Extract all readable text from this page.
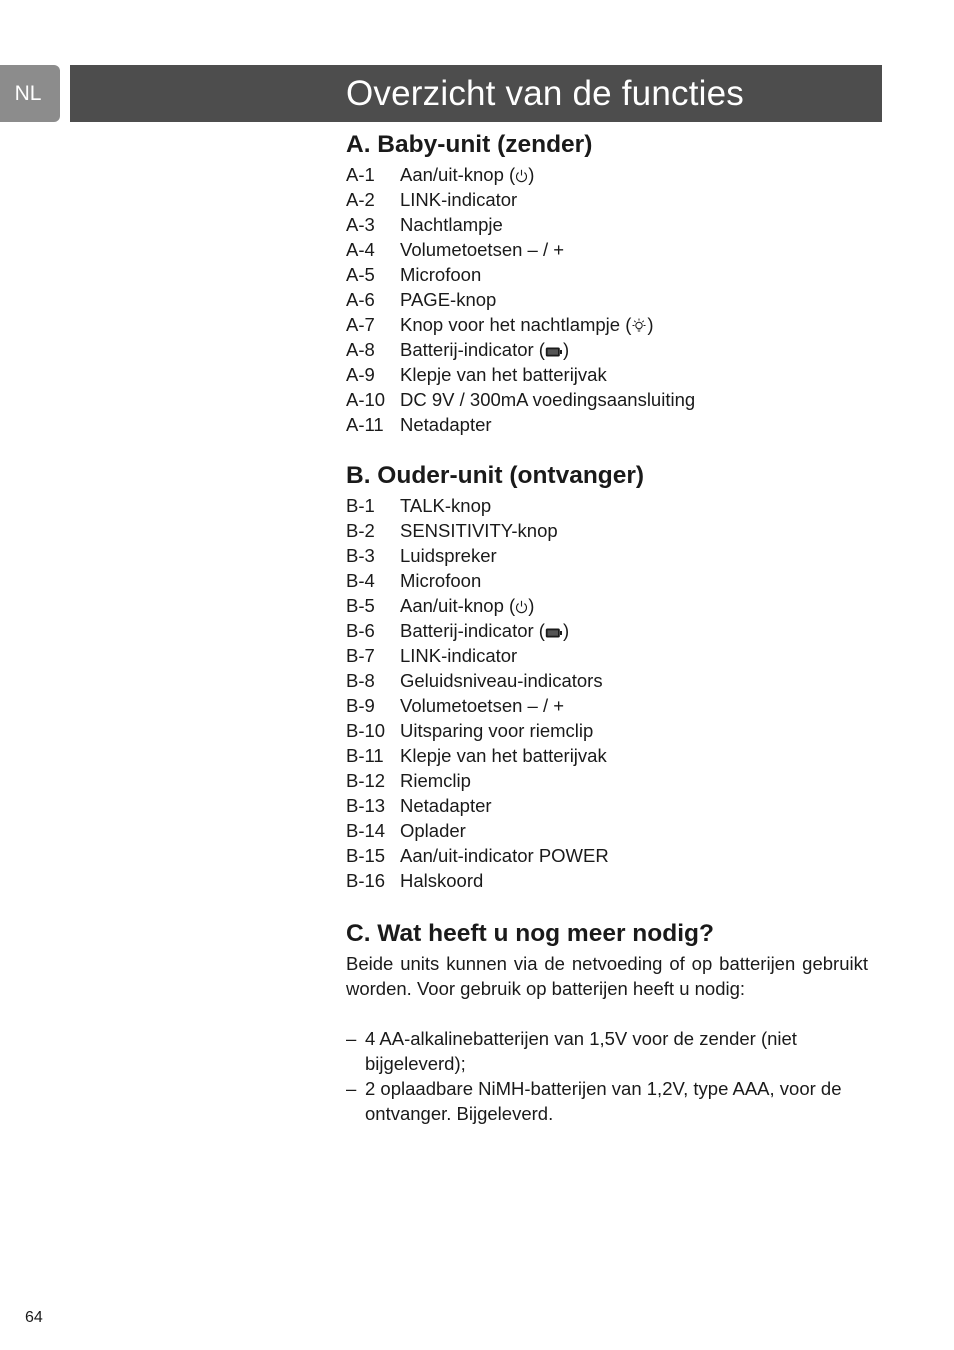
NL	Overzicht van de functies
A. Baby-unit (zender)
A-1 Aan/uit-knop ( )
A-2 LINK-indicator
A-3 Nachtlampje
A-4 Volumetoetsen – / +
A-5 Microfoon
A-6 PAGE-knop
A-7 Knop voor het nachtlampje ( )
A-8 Batterij-indicator ( )
A-9 Klepje van het batterijvak
A-10 DC 9V / 300mA voedingsaansluiting
A-11 Netadapter
B. Ouder-unit (ontvanger)
B-1 TALK-knop
B-2 SENSITIVITY-knop
B-3 Luidspreker
B-4 Microfoon
B-5 Aan/uit-knop ( )
B-6 Batterij-indicator ( )
B-7 LINK-indicator
B-8 Geluidsniveau-indicators
B-9 Volumetoetsen – / +
B-10 Uitsparing voor riemclip
B-11 Klepje van het batterijvak
B-12 Riemclip
B-13 Netadapter
B-14 Oplader
B-15 Aan/uit-indicator POWER
B-16 Halskoord
C. Wat heeft u nog meer nodig?

Beide units kunnen via de netvoeding of op batterijen gebruikt worden. Voor gebruik op batterijen heeft u nodig:

– 4 AA-alkalinebatterijen van 1,5V voor de zender (niet bijgeleverd);
– 2 oplaadbare NiMH-batterijen van 1,2V, type AAA, voor de ontvanger. Bijgeleverd.
64
